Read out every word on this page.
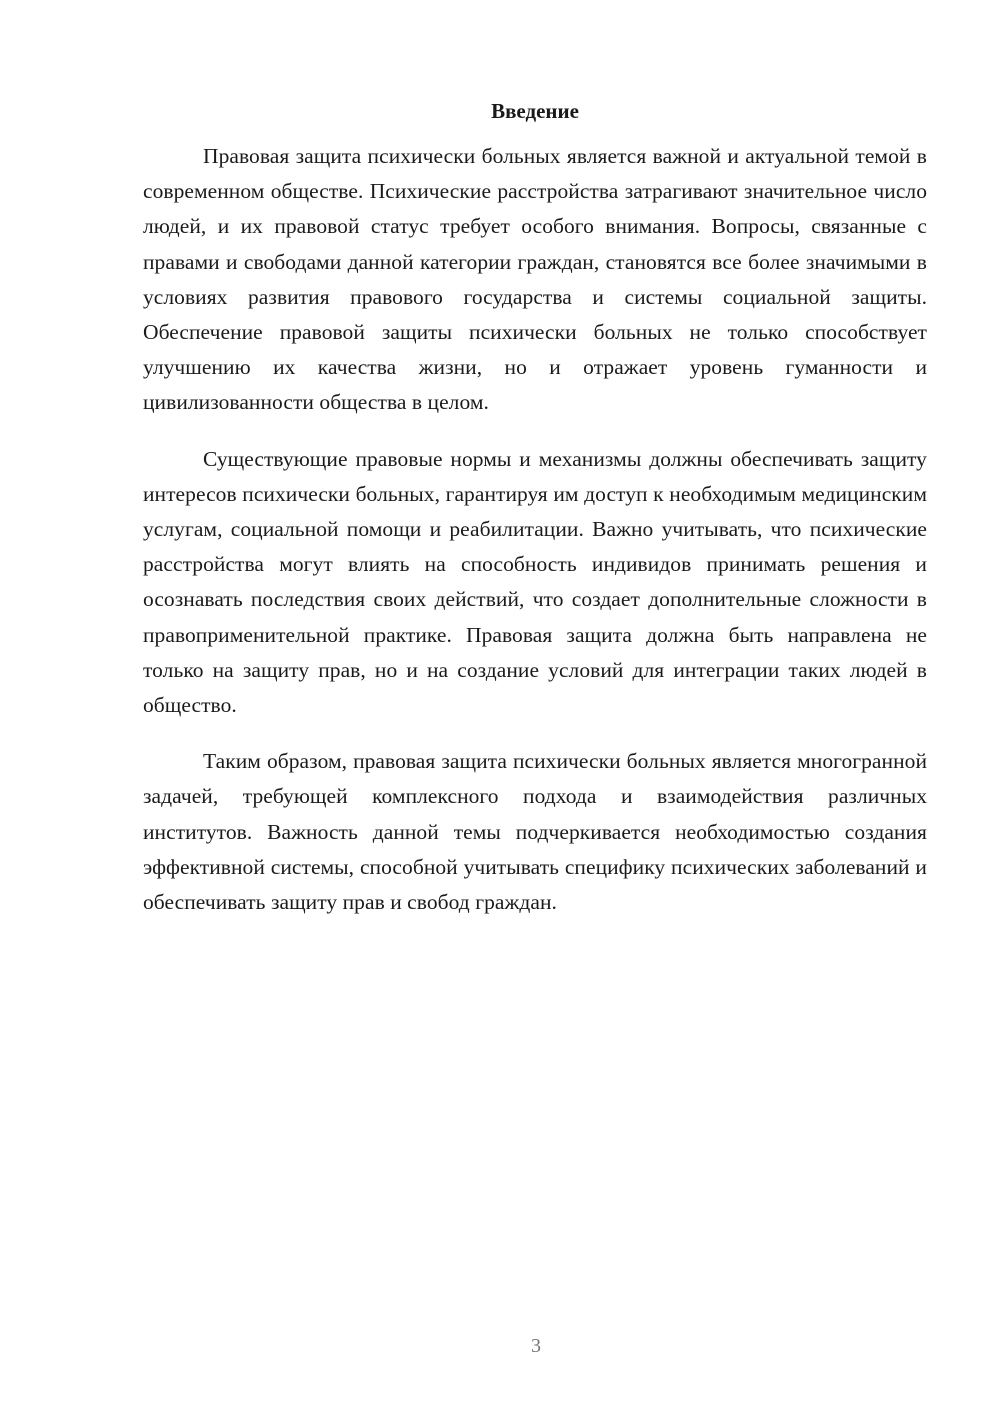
Введение

Правовая защита психически больных является важной и актуальной темой в современном обществе. Психические расстройства затрагивают значительное число людей, и их правовой статус требует особого внимания. Вопросы, связанные с правами и свободами данной категории граждан, становятся все более значимыми в условиях развития правового государства и системы социальной защиты. Обеспечение правовой защиты психически больных не только способствует улучшению их качества жизни, но и отражает уровень гуманности и цивилизованности общества в целом.

Существующие правовые нормы и механизмы должны обеспечивать защиту интересов психически больных, гарантируя им доступ к необходимым медицинским услугам, социальной помощи и реабилитации. Важно учитывать, что психические расстройства могут влиять на способность индивидов принимать решения и осознавать последствия своих действий, что создает дополнительные сложности в правоприменительной практике. Правовая защита должна быть направлена не только на защиту прав, но и на создание условий для интеграции таких людей в общество.

Таким образом, правовая защита психически больных является многогранной задачей, требующей комплексного подхода и взаимодействия различных институтов. Важность данной темы подчеркивается необходимостью создания эффективной системы, способной учитывать специфику психических заболеваний и обеспечивать защиту прав и свобод граждан.

3
